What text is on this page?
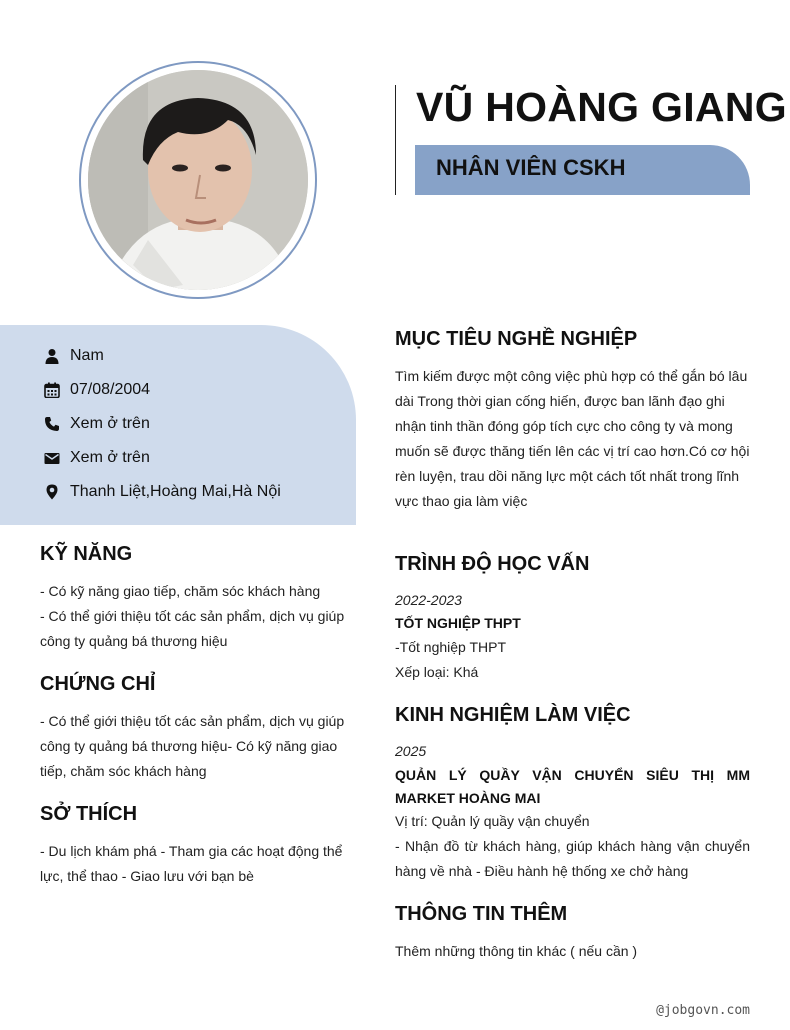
VŨ HOÀNG GIANG
NHÂN VIÊN CSKH
Nam
07/08/2004
Xem ở trên
Xem ở trên
Thanh Liệt,Hoàng Mai,Hà Nội
KỸ NĂNG
- Có kỹ năng giao tiếp, chăm sóc khách hàng
- Có thể giới thiệu tốt các sản phẩm, dịch vụ giúp công ty quảng bá thương hiệu
CHỨNG CHỈ
- Có thể giới thiệu tốt các sản phẩm, dịch vụ giúp công ty quảng bá thương hiệu- Có kỹ năng giao tiếp, chăm sóc khách hàng
SỞ THÍCH
- Du lịch khám phá - Tham gia các hoạt động thể lực, thể thao - Giao lưu với bạn bè
MỤC TIÊU NGHỀ NGHIỆP
Tìm kiếm được một công việc phù hợp có thể gắn bó lâu dài Trong thời gian cống hiến, được ban lãnh đạo ghi nhận tinh thần đóng góp tích cực cho công ty và mong muốn sẽ được thăng tiến lên các vị trí cao hơn.Có cơ hội rèn luyện, trau dồi năng lực một cách tốt nhất trong lĩnh vực thao gia làm việc
TRÌNH ĐỘ HỌC VẤN
2022-2023
TỐT NGHIỆP THPT
-Tốt nghiệp THPT
Xếp loại: Khá
KINH NGHIỆM LÀM VIỆC
2025
QUẢN LÝ QUẦY VẬN CHUYỂN SIÊU THỊ MM MARKET HOÀNG MAI
Vị trí: Quản lý quầy vận chuyển
- Nhận đồ từ khách hàng, giúp khách hàng vận chuyển hàng về nhà - Điều hành hệ thống xe chở hàng
THÔNG TIN THÊM
Thêm những thông tin khác ( nếu cần )
@jobgovn.com
